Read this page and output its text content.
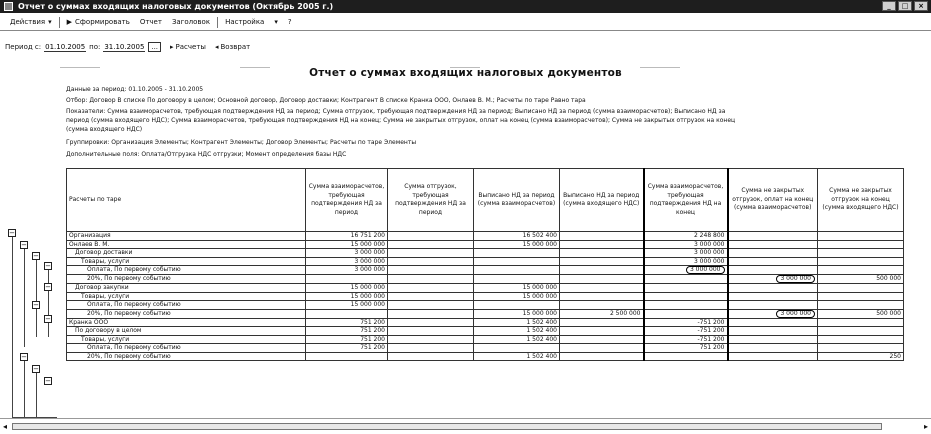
Отчет о суммах входящих налоговых документов (Октябрь 2005 г.)	_	□	×
Действия ▾ ▶ Сформировать Отчет Заголовок Настройка ▾ ?
Период с:
01.10.2005	по:
31.10.2005	...	▸ Расчеты ◂ Возврат
Отчет о суммах входящих налоговых документов
Данные за период: 01.10.2005 - 31.10.2005
Отбор: Договор В списке По договору в целом; Основной договор, Договор доставки; Контрагент В списке Кранка ООО, Онлаев В. М.; Расчеты по таре Равно тара
Показатели: Сумма взаиморасчетов, требующая подтверждения НД за период; Сумма отгрузок, требующая подтверждения НД за период; Выписано НД за период (сумма взаиморасчетов); Выписано НД за
период (сумма входящего НДС); Сумма взаиморасчетов, требующая подтверждения НД на конец; Сумма не закрытых отгрузок, оплат на конец (сумма взаиморасчетов); Сумма не закрытых отгрузок на конец
(сумма входящего НДС)
Группировки: Организация Элементы; Контрагент Элементы; Договор Элементы; Расчеты по таре Элементы
Дополнительные поля: Оплата/Отгрузка НДС отгрузки; Момент определения базы НДС
−
−
−
−
−
−
−
−
−
−
Расчеты по таре	Сумма взаиморасчетов, требующая подтверждения НД за период	Сумма отгрузок, требующая подтверждения НД за период	Выписано НД за период (сумма взаиморасчетов)	Выписано НД за период (сумма входящего НДС)	Сумма взаиморасчетов, требующая подтверждения НД на конец	Сумма не закрытых отгрузок, оплат на конец (сумма взаиморасчетов)	Сумма не закрытых отгрузок на конец (сумма входящего НДС)
Организация	16 751 200		16 502 400		2 248 800		
Онлаев В. М.	15 000 000		15 000 000		3 000 000		
Договор доставки	3 000 000				3 000 000		
Товары, услуги	3 000 000				3 000 000		
Оплата, По первому событию	3 000 000				3 000 000		
20%, По первому событию						3 000 000	500 000
Договор закупки	15 000 000		15 000 000				
Товары, услуги	15 000 000		15 000 000				
Оплата, По первому событию	15 000 000						
20%, По первому событию			15 000 000	2 500 000		3 000 000	500 000
Кранка ООО	751 200		1 502 400		-751 200		
По договору в целом	751 200		1 502 400		-751 200		
Товары, услуги	751 200		1 502 400		-751 200		
Оплата, По первому событию	751 200				751 200		
20%, По первому событию			1 502 400				250
◂	▸
